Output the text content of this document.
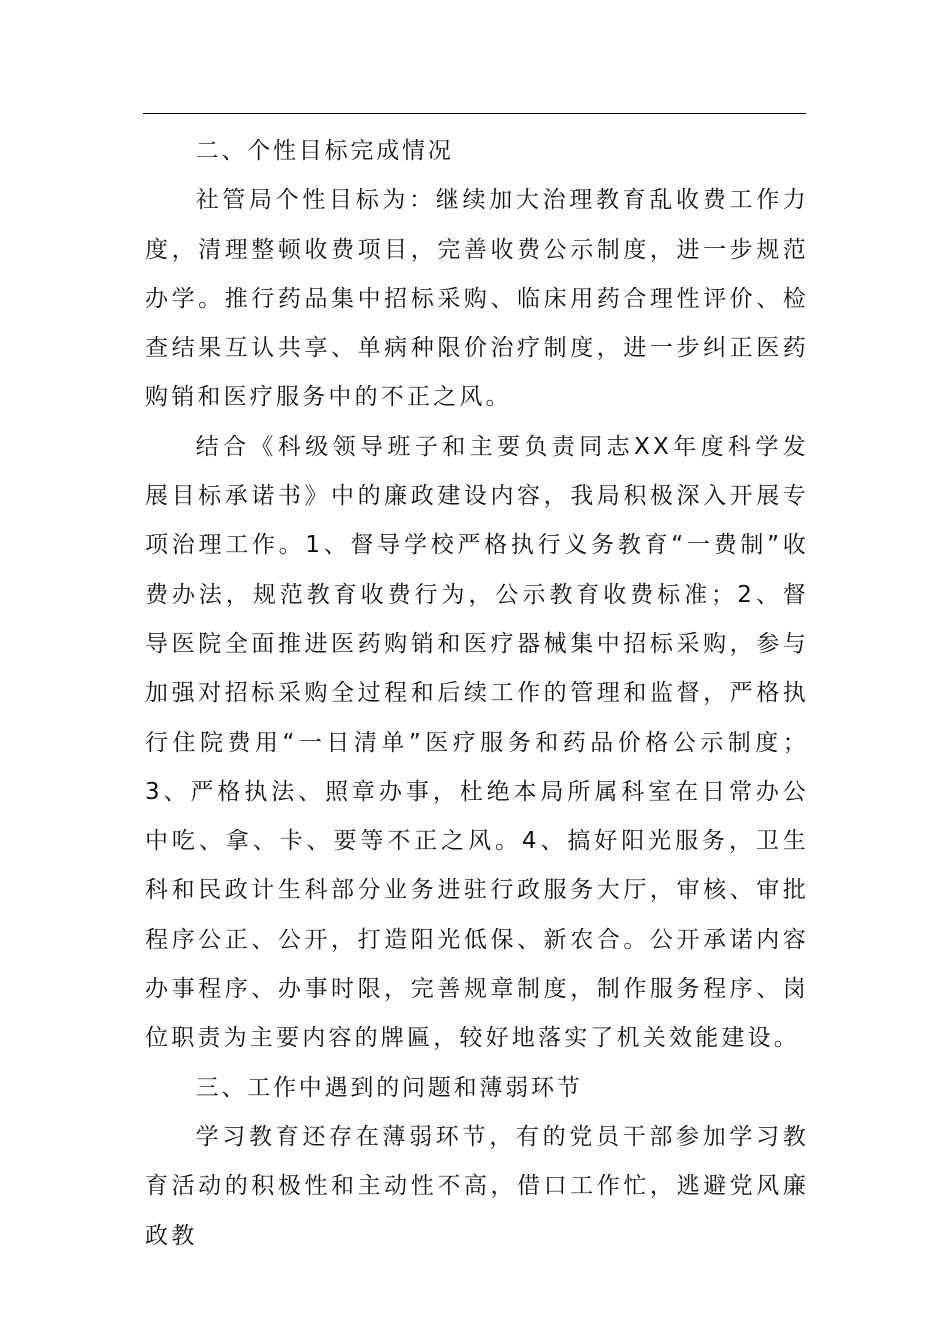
二、个性目标完成情况

社管局个性目标为：继续加大治理教育乱收费工作力度，清理整顿收费项目，完善收费公示制度，进一步规范办学。推行药品集中招标采购、临床用药合理性评价、检查结果互认共享、单病种限价治疗制度，进一步纠正医药购销和医疗服务中的不正之风。

结合《科级领导班子和主要负责同志XX年度科学发展目标承诺书》中的廉政建设内容，我局积极深入开展专项治理工作。1、督导学校严格执行义务教育“一费制”收费办法，规范教育收费行为，公示教育收费标准；2、督导医院全面推进医药购销和医疗器械集中招标采购，参与加强对招标采购全过程和后续工作的管理和监督，严格执行住院费用“一日清单”医疗服务和药品价格公示制度；3、严格执法、照章办事，杜绝本局所属科室在日常办公中吃、拿、卡、要等不正之风。4、搞好阳光服务，卫生科和民政计生科部分业务进驻行政服务大厅，审核、审批程序公正、公开，打造阳光低保、新农合。公开承诺内容办事程序、办事时限，完善规章制度，制作服务程序、岗位职责为主要内容的牌匾，较好地落实了机关效能建设。

三、工作中遇到的问题和薄弱环节

学习教育还存在薄弱环节，有的党员干部参加学习教育活动的积极性和主动性不高，借口工作忙，逃避党风廉政教
